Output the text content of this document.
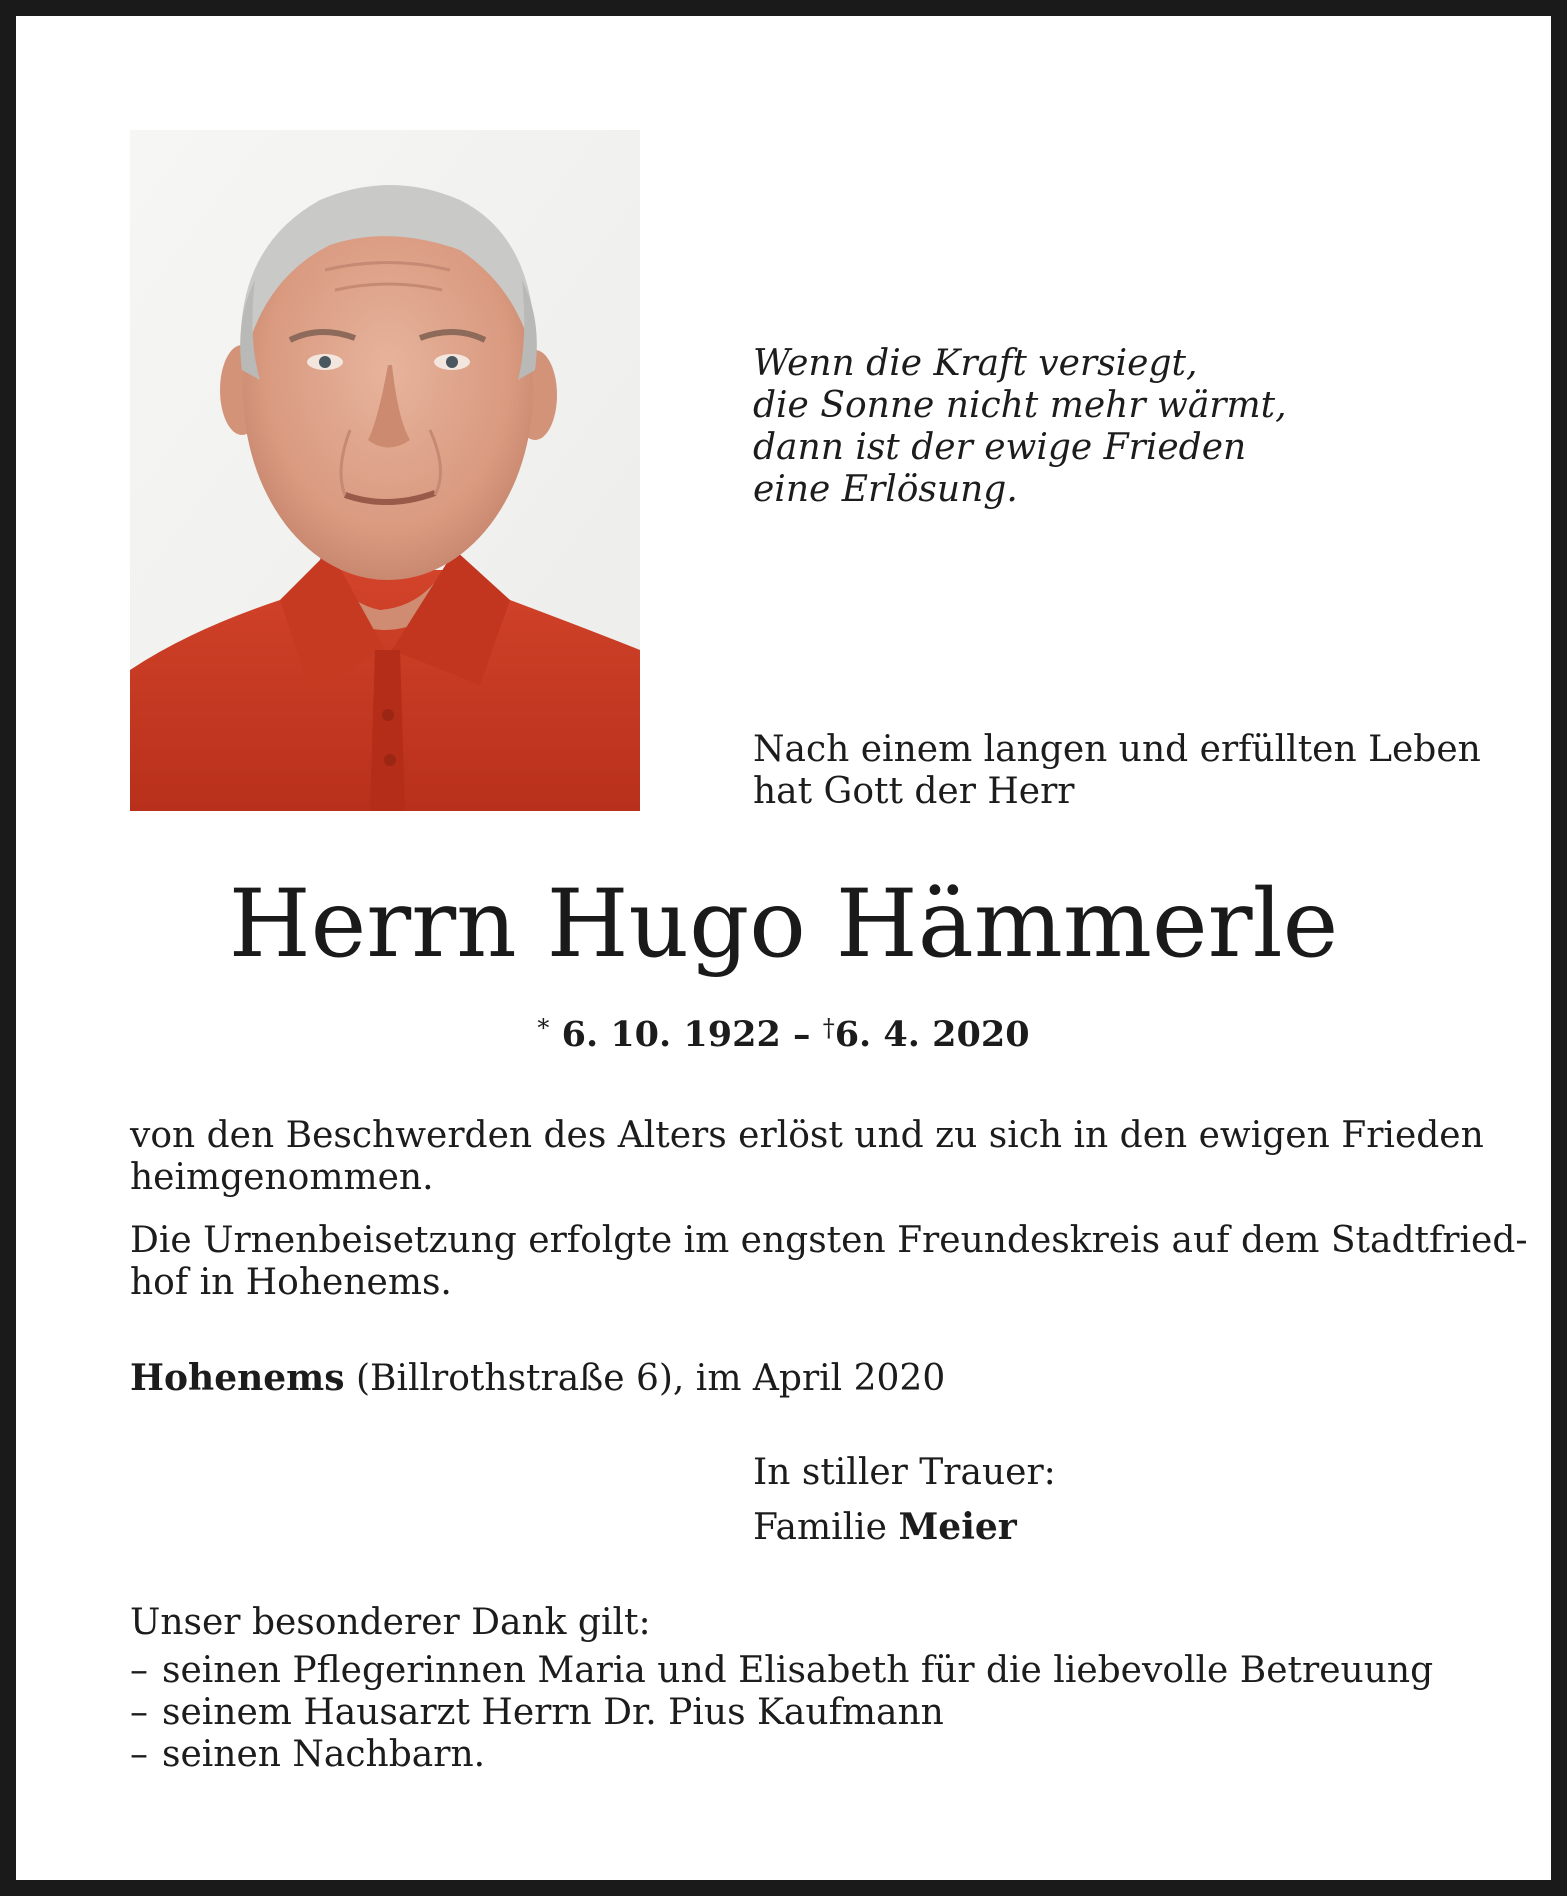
Wenn die Kraft versiegt,
die Sonne nicht mehr wärmt,
dann ist der ewige Frieden
eine Erlösung.
Nach einem langen und erfüllten Leben
hat Gott der Herr
Herrn Hugo Hämmerle
* 6. 10. 1922 – †6. 4. 2020
von den Beschwerden des Alters erlöst und zu sich in den ewigen Frieden
heimgenommen.
Die Urnenbeisetzung erfolgte im engsten Freundeskreis auf dem Stadtfried-
hof in Hohenems.
Hohenems (Billrothstraße 6), im April 2020
In stiller Trauer:
Familie Meier
Unser besonderer Dank gilt:
– seinen Pflegerinnen Maria und Elisabeth für die liebevolle Betreuung
– seinem Hausarzt Herrn Dr. Pius Kaufmann
– seinen Nachbarn.
